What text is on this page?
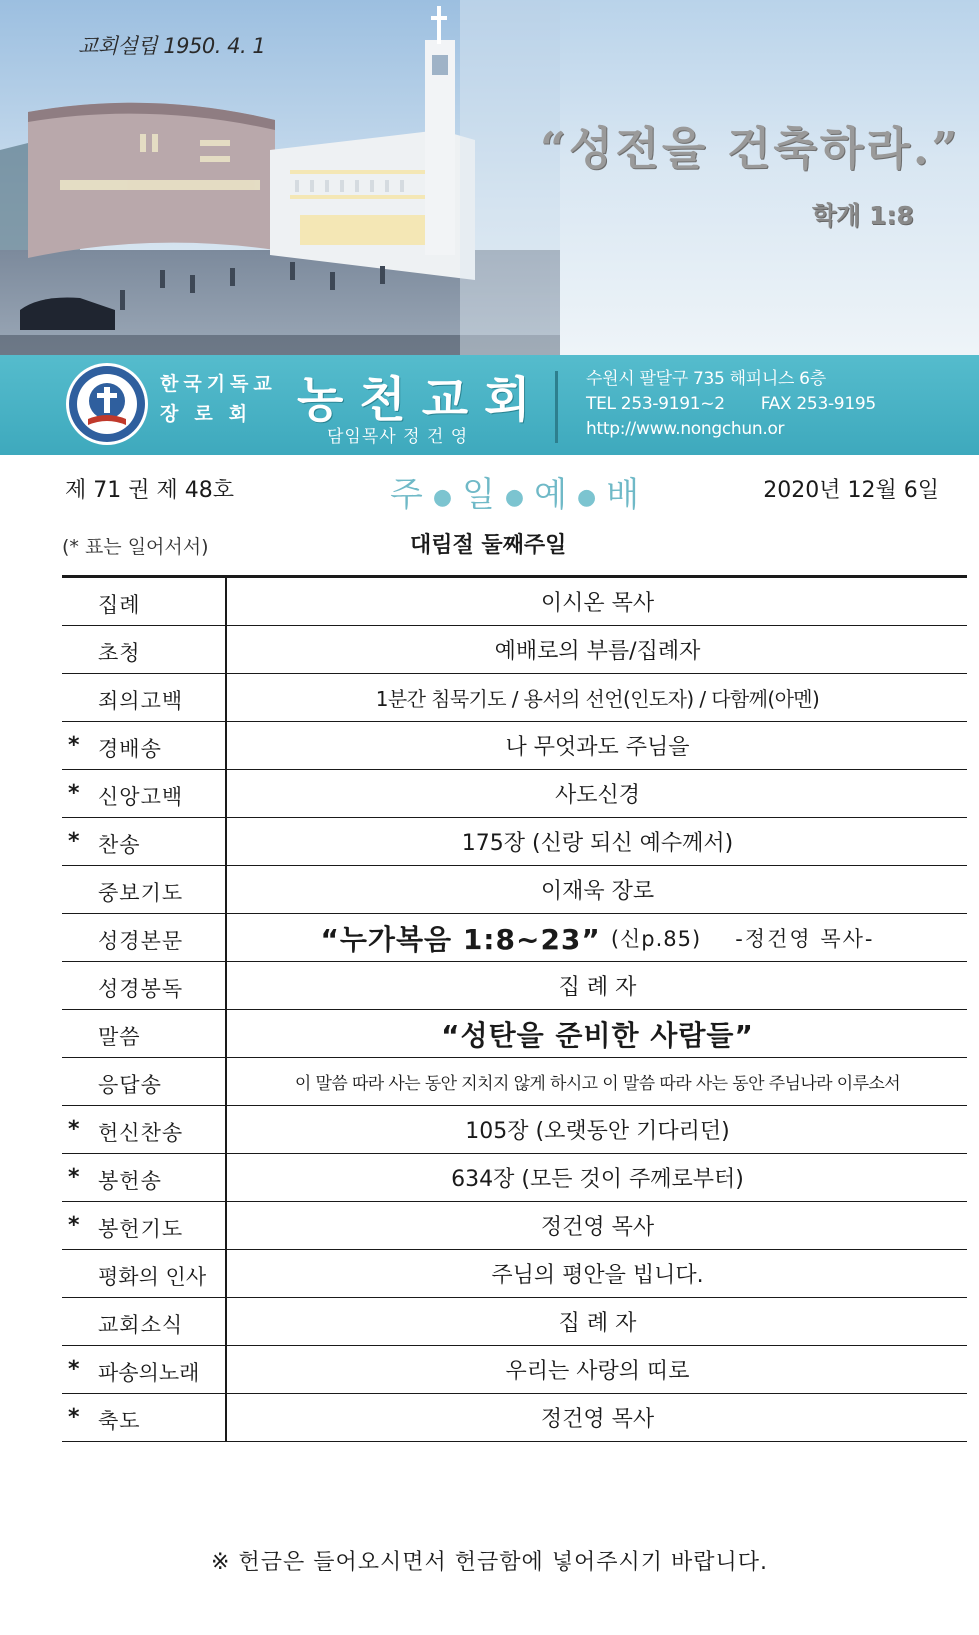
교회설립 1950. 4. 1
“성전을 건축하라.”
학개 1:8
한국기독교
장로회 농천교회
담임목사 정 건 영
수원시 팔달구 735 해피니스 6층
TEL 253-9191~2 FAX 253-9195
http://www.nongchun.or
제 71 권 제 48호	주 ● 일 ● 예 ● 배	2020년 12월 6일
(* 표는 일어서서)	대림절 둘째주일
집례	이시온 목사
초청	예배로의 부름/집례자
죄의고백	1분간 침묵기도 / 용서의 선언(인도자) / 다함께(아멘)
* 경배송	나 무엇과도 주님을
* 신앙고백	사도신경
* 찬송	175장 (신랑 되신 예수께서)
중보기도	이재욱 장로
성경본문	“누가복음 1:8~23” (신p.85) -정건영 목사-
성경봉독	집 례 자
말씀	“성탄을 준비한 사람들”
응답송	이 말씀 따라 사는 동안 지치지 않게 하시고 이 말씀 따라 사는 동안 주님나라 이루소서
* 헌신찬송	105장 (오랫동안 기다리던)
* 봉헌송	634장 (모든 것이 주께로부터)
* 봉헌기도	정건영 목사
평화의 인사	주님의 평안을 빕니다.
교회소식	집 례 자
* 파송의노래	우리는 사랑의 띠로
* 축도	정건영 목사
※ 헌금은 들어오시면서 헌금함에 넣어주시기 바랍니다.
